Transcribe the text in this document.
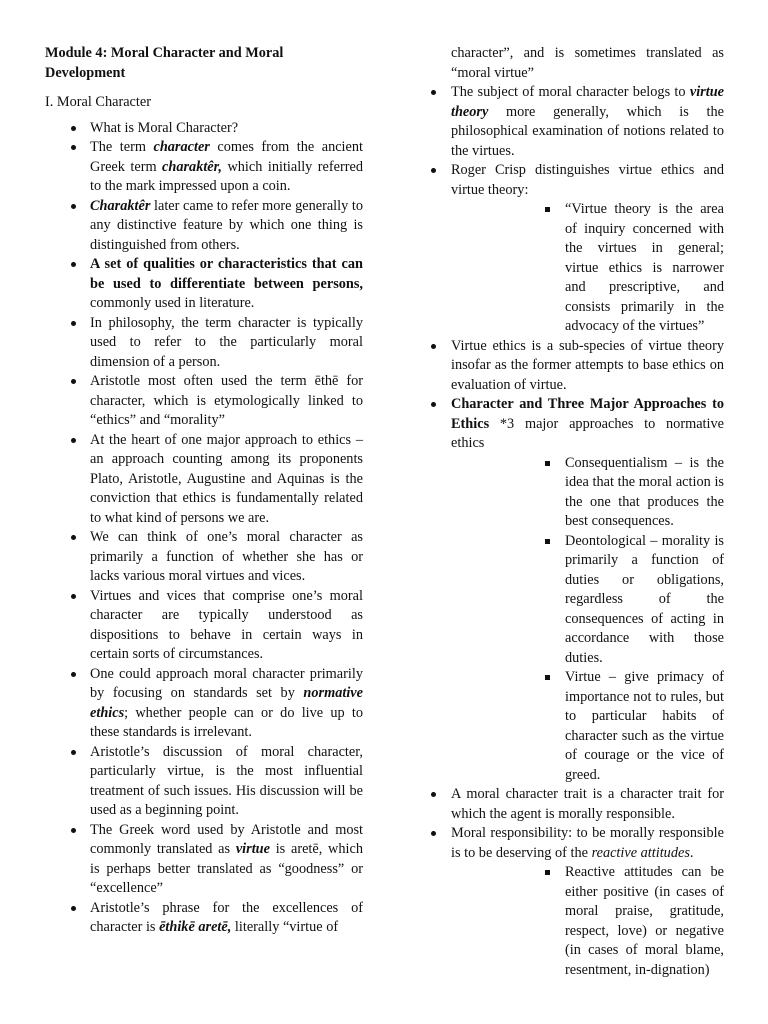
Module 4: Moral Character and Moral Development

I. Moral Character

What is Moral Character?
The term character comes from the ancient Greek term charaktêr, which initially referred to the mark impressed upon a coin.
Charaktêr later came to refer more generally to any distinctive feature by which one thing is distinguished from others.
A set of qualities or characteristics that can be used to differentiate between persons, commonly used in literature.
In philosophy, the term character is typically used to refer to the particularly moral dimension of a person.
Aristotle most often used the term ēthē for character, which is etymologically linked to “ethics” and “morality”
At the heart of one major approach to ethics – an approach counting among its proponents Plato, Aristotle, Augustine and Aquinas is the conviction that ethics is fundamentally related to what kind of persons we are.
We can think of one’s moral character as primarily a function of whether she has or lacks various moral virtues and vices.
Virtues and vices that comprise one’s moral character are typically understood as dispositions to behave in certain ways in certain sorts of circumstances.
One could approach moral character primarily by focusing on standards set by normative ethics; whether people can or do live up to these standards is irrelevant.
Aristotle’s discussion of moral character, particularly virtue, is the most influential treatment of such issues. His discussion will be used as a beginning point.
The Greek word used by Aristotle and most commonly translated as virtue is aretē, which is perhaps better translated as “goodness” or “excellence”
Aristotle’s phrase for the excellences of character is ēthikē aretē, literally “virtue of
character”, and is sometimes translated as “moral virtue”
The subject of moral character belogs to virtue theory more generally, which is the philosophical examination of notions related to the virtues.
Roger Crisp distinguishes virtue ethics and virtue theory:
“Virtue theory is the area of inquiry concerned with the virtues in general; virtue ethics is narrower and prescriptive, and consists primarily in the advocacy of the virtues”
Virtue ethics is a sub-species of virtue theory insofar as the former attempts to base ethics on evaluation of virtue.
Character and Three Major Approaches to Ethics *3 major approaches to normative ethics
Consequentialism – is the idea that the moral action is the one that produces the best consequences.
Deontological – morality is primarily a function of duties or obligations, regardless of the consequences of acting in accordance with those duties.
Virtue – give primacy of importance not to rules, but to particular habits of character such as the virtue of courage or the vice of greed.
A moral character trait is a character trait for which the agent is morally responsible.
Moral responsibility: to be morally responsible is to be deserving of the reactive attitudes.
Reactive attitudes can be either positive (in cases of moral praise, gratitude, respect, love) or negative (in cases of moral blame, resentment, in-dignation)
